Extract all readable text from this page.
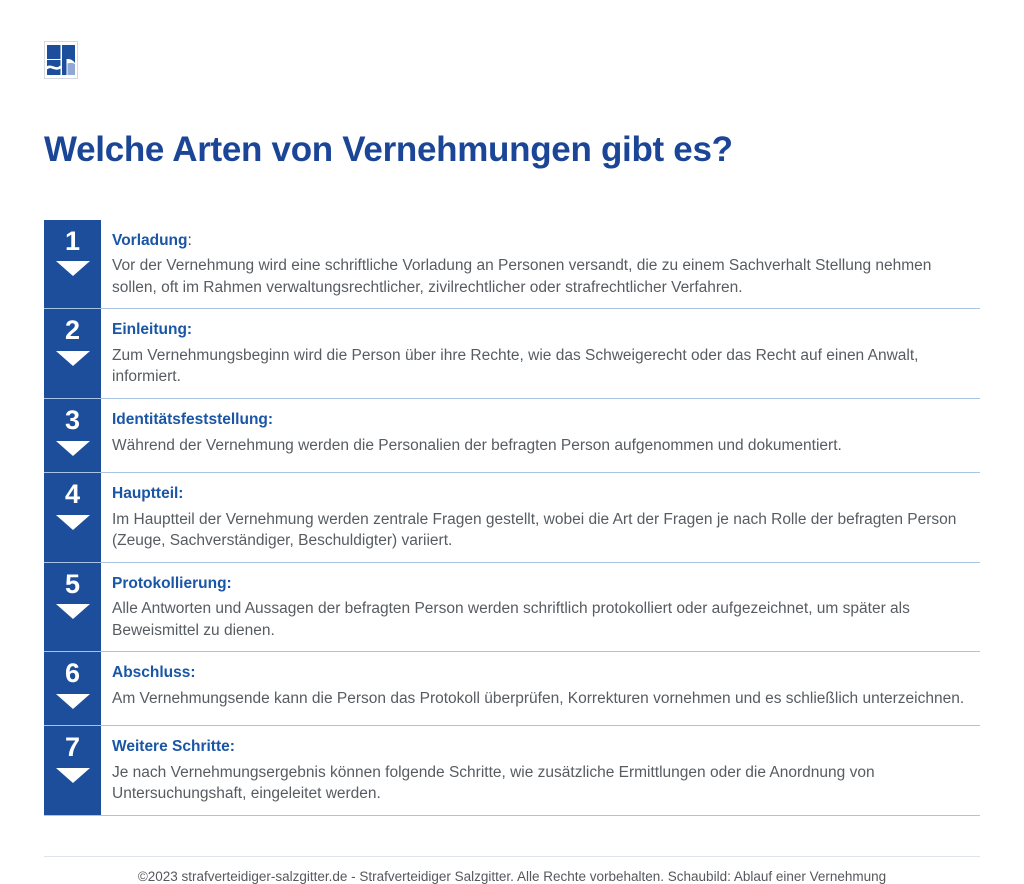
Welche Arten von Vernehmungen gibt es?
1 Vorladung:
Vor der Vernehmung wird eine schriftliche Vorladung an Personen versandt, die zu einem Sachverhalt Stellung nehmen sollen, oft im Rahmen verwaltungsrechtlicher, zivilrechtlicher oder strafrechtlicher Verfahren.
2 Einleitung:
Zum Vernehmungsbeginn wird die Person über ihre Rechte, wie das Schweigerecht oder das Recht auf einen Anwalt, informiert.
3 Identitätsfeststellung:
Während der Vernehmung werden die Personalien der befragten Person aufgenommen und dokumentiert.
4 Hauptteil:
Im Hauptteil der Vernehmung werden zentrale Fragen gestellt, wobei die Art der Fragen je nach Rolle der befragten Person (Zeuge, Sachverständiger, Beschuldigter) variiert.
5 Protokollierung:
Alle Antworten und Aussagen der befragten Person werden schriftlich protokolliert oder aufgezeichnet, um später als Beweismittel zu dienen.
6 Abschluss:
Am Vernehmungsende kann die Person das Protokoll überprüfen, Korrekturen vornehmen und es schließlich unterzeichnen.
7 Weitere Schritte:
Je nach Vernehmungsergebnis können folgende Schritte, wie zusätzliche Ermittlungen oder die Anordnung von Untersuchungshaft, eingeleitet werden.
©2023 strafverteidiger-salzgitter.de - Strafverteidiger Salzgitter. Alle Rechte vorbehalten. Schaubild: Ablauf einer Vernehmung
